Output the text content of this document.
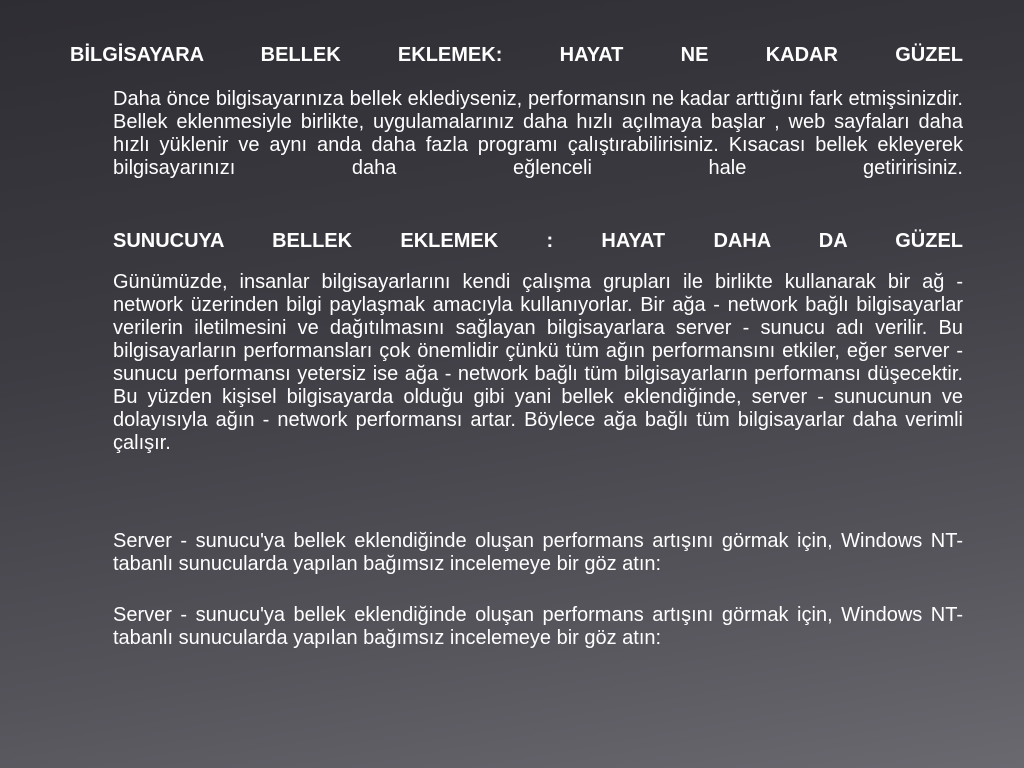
BİLGİSAYARA BELLEK EKLEMEK: HAYAT NE KADAR GÜZEL
Daha önce bilgisayarınıza bellek eklediyseniz, performansın ne kadar arttığını fark etmişsinizdir. Bellek eklenmesiyle birlikte, uygulamalarınız daha hızlı açılmaya başlar , web sayfaları daha hızlı yüklenir ve aynı anda daha fazla programı çalıştırabilirisiniz. Kısacası bellek ekleyerek bilgisayarınızı daha eğlenceli hale getiririsiniz.
SUNUCUYA BELLEK EKLEMEK : HAYAT DAHA DA GÜZEL
Günümüzde, insanlar bilgisayarlarını kendi çalışma grupları ile birlikte kullanarak bir ağ - network üzerinden bilgi paylaşmak amacıyla kullanıyorlar. Bir ağa - network bağlı bilgisayarlar verilerin iletilmesini ve dağıtılmasını sağlayan bilgisayarlara server - sunucu adı verilir. Bu bilgisayarların performansları çok önemlidir çünkü tüm ağın performansını etkiler, eğer server - sunucu performansı yetersiz ise ağa - network bağlı tüm bilgisayarların performansı düşecektir. Bu yüzden kişisel bilgisayarda olduğu gibi yani bellek eklendiğinde, server - sunucunun ve dolayısıyla ağın - network performansı artar. Böylece ağa bağlı tüm bilgisayarlar daha verimli çalışır.
Server - sunucu'ya bellek eklendiğinde oluşan performans artışını görmak için, Windows NT-tabanlı sunucularda yapılan bağımsız incelemeye bir göz atın:
Server - sunucu'ya bellek eklendiğinde oluşan performans artışını görmak için, Windows NT-tabanlı sunucularda yapılan bağımsız incelemeye bir göz atın:
